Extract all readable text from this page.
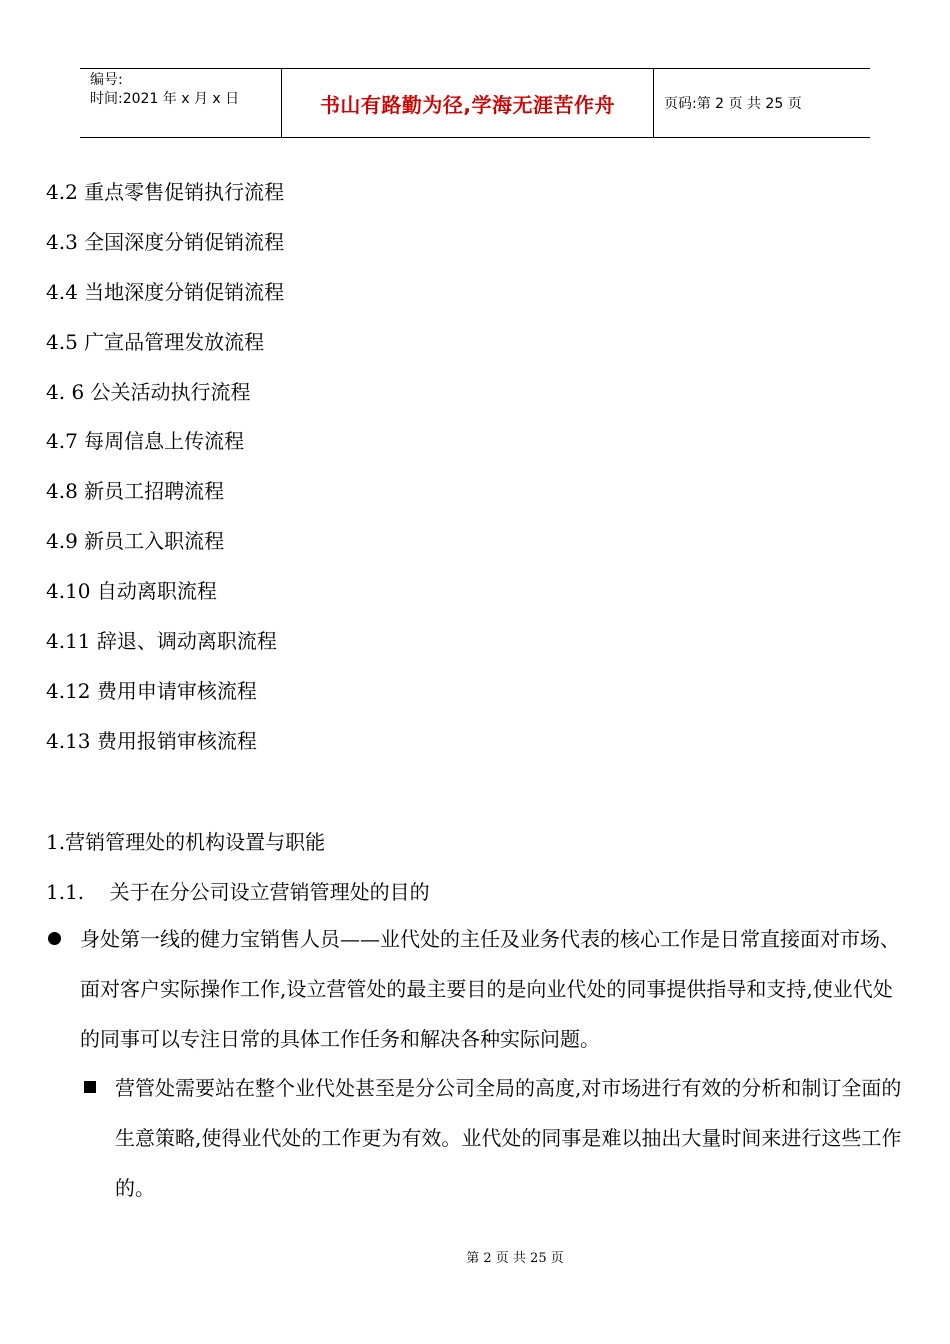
编号:
时间:2021 年 x 月 x 日	书山有路勤为径,学海无涯苦作舟	页码:第 2 页 共 25 页
4.2 重点零售促销执行流程
4.3 全国深度分销促销流程
4.4 当地深度分销促销流程
4.5 广宣品管理发放流程
4. 6 公关活动执行流程
4.7 每周信息上传流程
4.8 新员工招聘流程
4.9 新员工入职流程
4.10 自动离职流程
4.11 辞退、调动离职流程
4.12 费用申请审核流程
4.13 费用报销审核流程
1.营销管理处的机构设置与职能
1.1.    关于在分公司设立营销管理处的目的
身处第一线的健力宝销售人员——业代处的主任及业务代表的核心工作是日常直接面对市场、面对客户实际操作工作,设立营管处的最主要目的是向业代处的同事提供指导和支持,使业代处的同事可以专注日常的具体工作任务和解决各种实际问题。
营管处需要站在整个业代处甚至是分公司全局的高度,对市场进行有效的分析和制订全面的生意策略,使得业代处的工作更为有效。业代处的同事是难以抽出大量时间来进行这些工作的。
第 2 页 共 25 页
